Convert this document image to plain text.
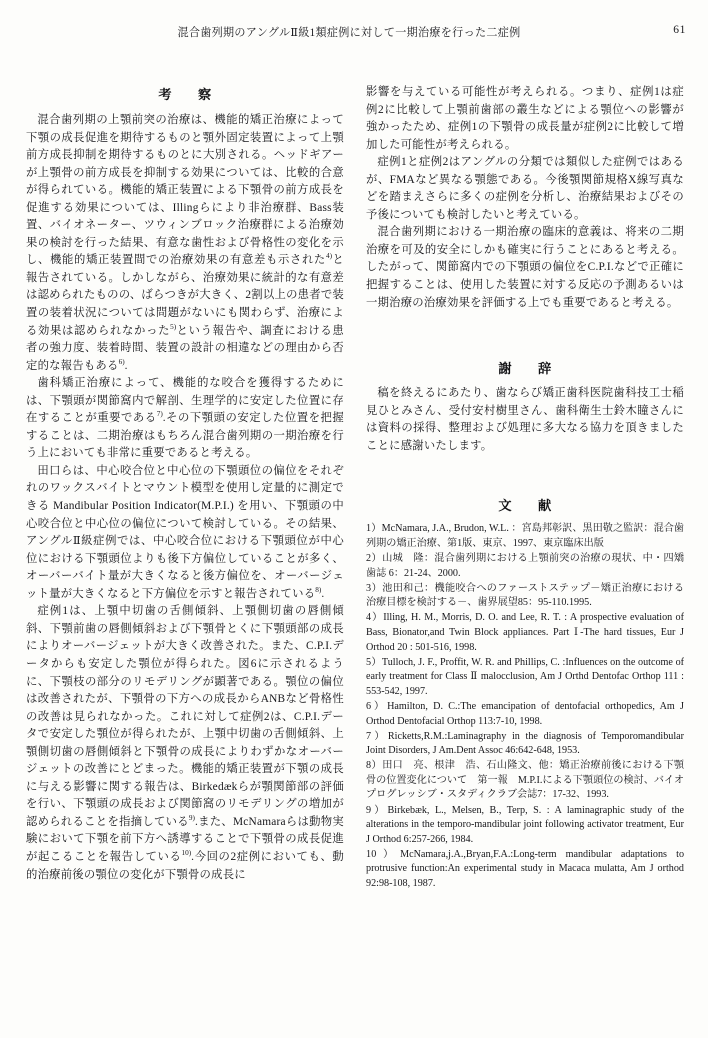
混合歯列期のアングルⅡ級1類症例に対して一期治療を行った二症例	61
考 察

混合歯列期の上顎前突の治療は、機能的矯正治療によって下顎の成長促進を期待するものと顎外固定装置によって上顎前方成長抑制を期待するものとに大別される。ヘッドギアーが上顎骨の前方成長を抑制する効果については、比較的合意が得られている。機能的矯正装置による下顎骨の前方成長を促進する効果については、Illingらにより非治療群、Bass装置、バイオネーター、ツウィンブロック治療群による治療効果の検討を行った結果、有意な歯性および骨格性の変化を示し、機能的矯正装置間での治療効果の有意差も示された$^{4)}$と報告されている。しかしながら、治療効果に統計的な有意差は認められたものの、ばらつきが大きく、2割以上の患者で装置の装着状況については問題がないにも関わらず、治療による効果は認められなかった$^{5)}$という報告や、調査における患者の強力度、装着時間、装置の設計の相違などの理由から否定的な報告もある$^{6)}$.

歯科矯正治療によって、機能的な咬合を獲得するためには、下顎頭が関節窩内で解剖、生理学的に安定した位置に存在することが重要である$^{7)}$.その下顎頭の安定した位置を把握することは、二期治療はもちろん混合歯列期の一期治療を行う上においても非常に重要であると考える。

田口らは、中心咬合位と中心位の下顎頭位の偏位をそれぞれのワックスバイトとマウント模型を使用し定量的に測定できる Mandibular Position Indicator(M.P.I.) を用い、下顎頭の中心咬合位と中心位の偏位について検討している。その結果、アングルⅡ級症例では、中心咬合位における下顎頭位が中心位における下顎頭位よりも後下方偏位していることが多く、オーバーバイト量が大きくなると後方偏位を、オーバージェット量が大きくなると下方偏位を示すと報告されている$^{8)}$.

症例1は、上顎中切歯の舌側傾斜、上顎側切歯の唇側傾斜、下顎前歯の唇側傾斜および下顎骨とくに下顎頭部の成長によりオーバージェットが大きく改善された。また、C.P.I.データからも安定した顎位が得られた。図6に示されるように、下顎枝の部分のリモデリングが顕著である。顎位の偏位は改善されたが、下顎骨の下方への成長からANBなど骨格性の改善は見られなかった。これに対して症例2は、C.P.I.データで安定した顎位が得られたが、上顎中切歯の舌側傾斜、上顎側切歯の唇側傾斜と下顎骨の成長によりわずかなオーバージェットの改善にとどまった。機能的矯正装置が下顎の成長に与える影響に関する報告は、Birkedækらが顎関節部の評価を行い、下顎頭の成長および関節窩のリモデリングの増加が認められることを指摘している$^{9)}$.また、McNamaraらは動物実験において下顎を前下方へ誘導することで下顎骨の成長促進が起こることを報告している$^{10)}$.今回の2症例においても、動的治療前後の顎位の変化が下顎骨の成長に

影響を与えている可能性が考えられる。つまり、症例1は症例2に比較して上顎前歯部の叢生などによる顎位への影響が強かったため、症例1の下顎骨の成長量が症例2に比較して増加した可能性が考えられる。

症例1と症例2はアングルの分類では類似した症例ではあるが、FMAなど異なる顎態である。今後顎関節規格X線写真などを踏まえさらに多くの症例を分析し、治療結果およびその予後についても検討したいと考えている。

混合歯列期における一期治療の臨床的意義は、将来の二期治療を可及的安全にしかも確実に行うことにあると考える。したがって、関節窩内での下顎頭の偏位をC.P.I.などで正確に把握することは、使用した装置に対する反応の予測あるいは一期治療の治療効果を評価する上でも重要であると考える。

謝 辞

稿を終えるにあたり、歯ならび矯正歯科医院歯科技工士稲見ひとみさん、受付安村樹里さん、歯科衛生士鈴木瞳さんには資料の採得、整理および処理に多大なる協力を頂きましたことに感謝いたします。

文 献
1）McNamara, J.A., Brudon, W.L. ：宮島邦彰訳、黒田敬之監訳：混合歯列期の矯正治療、第1版、東京、1997、東京臨床出版
2）山城　隆：混合歯列期における上顎前突の治療の現状、中・四矯歯誌 6：21-24、2000.
3）池田和己：機能咬合へのファーストステップ－矯正治療における治療目標を検討する－、歯界展望85：95-110.1995.
4）Illing, H. M., Morris, D. O. and Lee, R. T. : A prospective evaluation of Bass, Bionator,and Twin Block appliances. Part Ⅰ-The hard tissues, Eur J Orthod 20 : 501-516, 1998.
5）Tulloch, J. F., Proffit, W. R. and Phillips, C. :Influences on the outcome of early treatment for Class Ⅱ malocclusion, Am J Orthd Dentofac Orthop 111 : 553-542, 1997.
6）Hamilton, D. C.:The emancipation of dentofacial orthopedics, Am J Orthod Dentofacial Orthop 113:7-10, 1998.
7）Ricketts,R.M.:Laminagraphy in the diagnosis of Temporomandibular Joint Disorders, J Am.Dent Assoc 46:642-648, 1953.
8）田口　亮、根津　浩、石山隆文、他：矯正治療前後における下顎骨の位置変化について　第一報　M.P.I.による下顎頭位の検討、バイオプログレッシブ・スタディクラブ会誌7：17-32、1993.
9）Birkebæk, L., Melsen, B., Terp, S. : A laminagraphic study of the alterations in the temporo-mandibular joint following activator treatment, Eur J Orthod 6:257-266, 1984.
10）McNamara,j.A.,Bryan,F.A.:Long-term mandibular adaptations to protrusive function:An experimental study in Macaca mulatta, Am J orthod 92:98-108, 1987.
